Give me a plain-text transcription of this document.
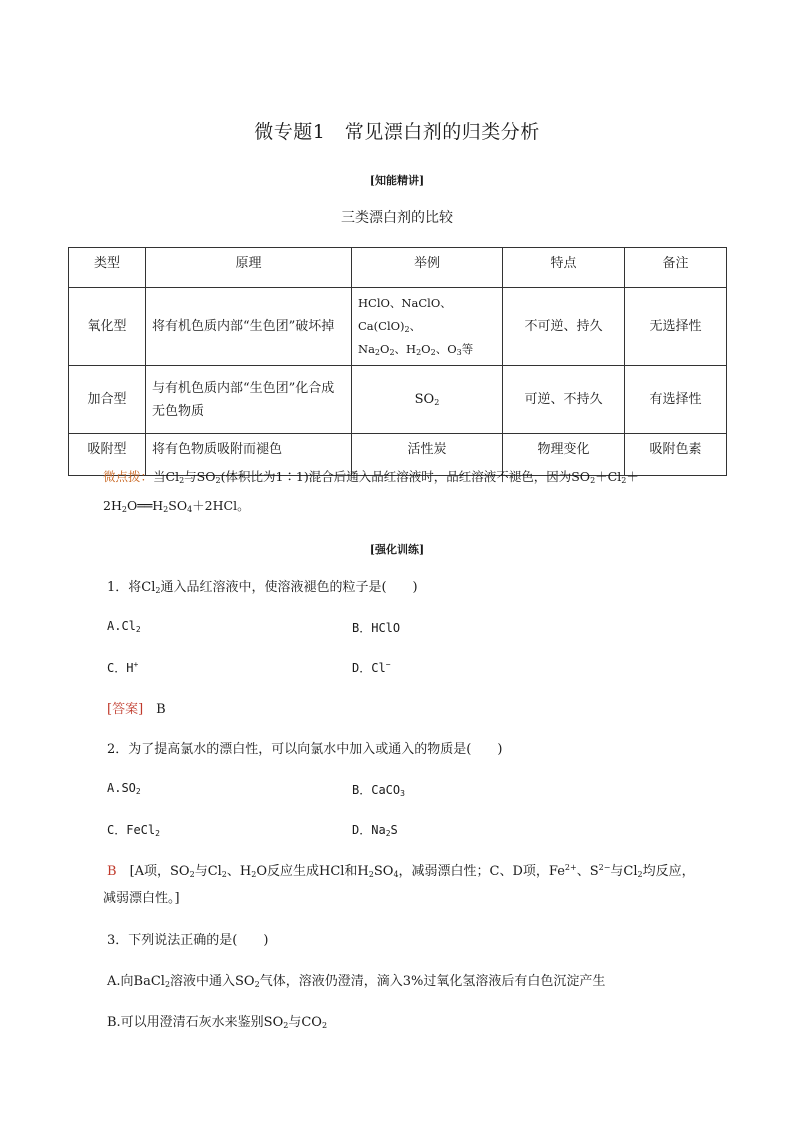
微专题1　常见漂白剂的归类分析
[知能精讲]
三类漂白剂的比较
类型	原理	举例	特点	备注
氧化型	将有机色质内部“生色团”破坏掉	HClO、NaClO、$Ca(ClO)_2$、
$Na_2O_2$、$H_2O_2$、$O_3$等	不可逆、持久	无选择性
加合型	与有机色质内部“生色团”化合成无色物质	$SO_2$	可逆、不持久	有选择性
吸附型	将有色物质吸附而褪色	活性炭	物理变化	吸附色素
微点拨：当$Cl_2$与$SO_2$(体积比为1∶1)混合后通入品红溶液时，品红溶液不褪色，因为$SO_2+Cl_2+$
$2H_2O══H_2SO_4+2HCl$。
[强化训练]
1．将$Cl_2$通入品红溶液中，使溶液褪色的粒子是(　　)
$A.Cl_2$	B．HClO
C．H+	D．Cl−
[答案]　 B
2．为了提高氯水的漂白性，可以向氯水中加入或通入的物质是(　　)
$A.SO_2$	B．CaCO$_3$
C．FeCl$_2$	D．$Na_2S$
B　[A项，$SO_2$与$Cl_2$、$H_2O$反应生成HCl和$H_2SO_4$，减弱漂白性；C、D项，$Fe^{2+}$、$S^{2-}$与$Cl_2$均反应，
减弱漂白性。]
3．下列说法正确的是(　　)
A.向BaCl$_2$溶液中通入$SO_2$气体，溶液仍澄清，滴入3%过氧化氢溶液后有白色沉淀产生
B.可以用澄清石灰水来鉴别$SO_2$与$CO_2$
